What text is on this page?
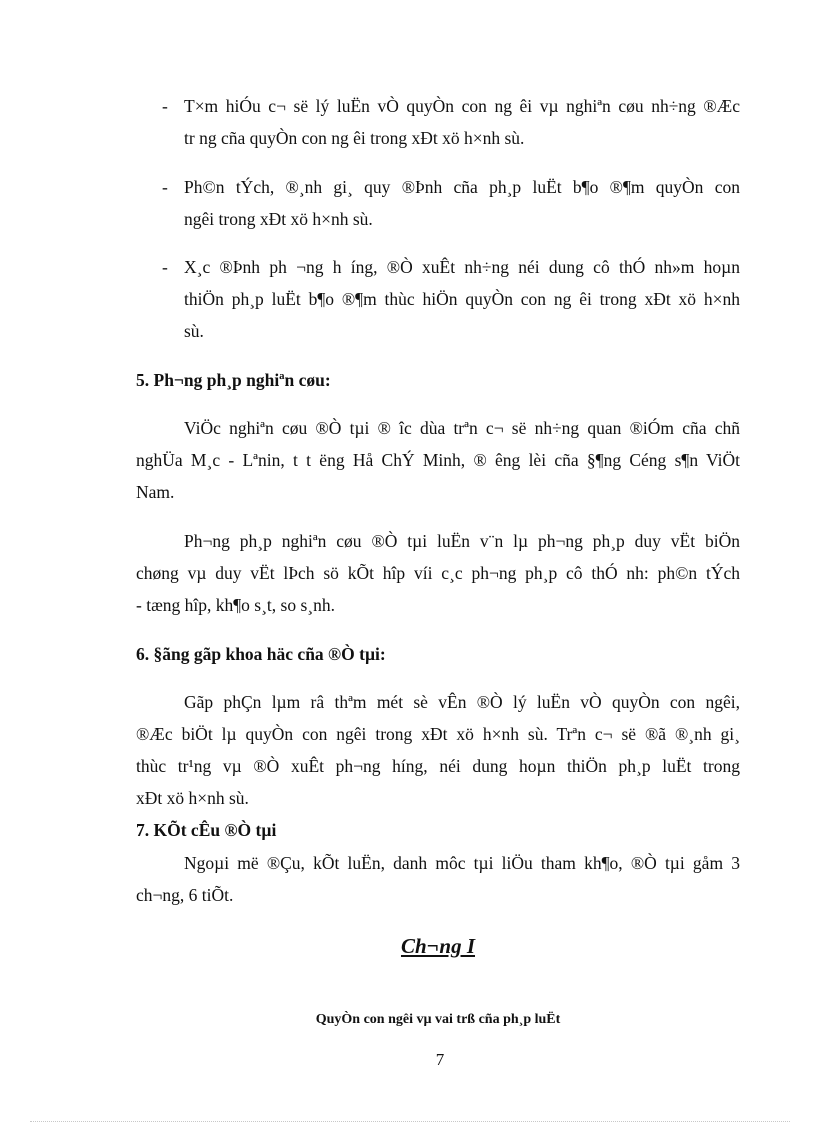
- T×m hiÓu c¬ së lý luËn vÒ quyÒn con ng êi vµ nghiªn cøu nh÷ng ®Æc
tr ng cña quyÒn con ng êi trong xÐt xö h×nh sù.
- Ph©n tÝch, ®¸nh gi¸ quy ®Þnh cña ph¸p luËt b¶o ®¶m quyÒn con
ngêi trong xÐt xö h×nh sù.
- X¸c ®Þnh ph ¬ng h íng, ®Ò xuÊt nh÷ng néi dung cô thÓ nh»m hoµn
thiÖn ph¸p luËt b¶o ®¶m thùc hiÖn quyÒn con ng êi trong xÐt xö h×nh
sù.
5. Ph¬ng ph¸p nghiªn cøu:
ViÖc nghiªn cøu ®Ò tµi ® îc dùa trªn c¬ së nh÷ng quan ®iÓm cña chñ
nghÜa M¸c - Lªnin, t t ëng Hå ChÝ Minh, ® êng lèi cña §¶ng Céng s¶n ViÖt
Nam.
Ph¬ng ph¸p nghiªn cøu ®Ò tµi luËn v¨n lµ ph¬ng ph¸p duy vËt biÖn
chøng vµ duy vËt lÞch sö kÕt hîp víi c¸c ph¬ng ph¸p cô thÓ nh: ph©n tÝch
- tæng hîp, kh¶o s¸t, so s¸nh.
6. §ãng gãp khoa häc cña ®Ò tµi:
Gãp phÇn lµm râ thªm mét sè vÊn ®Ò lý luËn vÒ quyÒn con ngêi,
®Æc biÖt lµ quyÒn con ngêi trong xÐt xö h×nh sù. Trªn c¬ së ®ã ®¸nh gi¸
thùc tr¹ng vµ ®Ò xuÊt ph¬ng híng, néi dung hoµn thiÖn ph¸p luËt trong
xÐt xö h×nh sù.
7. KÕt cÊu ®Ò tµi
Ngoµi më ®Çu, kÕt luËn, danh môc tµi liÖu tham kh¶o, ®Ò tµi gåm 3
ch¬ng, 6 tiÕt.
Ch¬ng I
QuyÒn con ngêi vµ vai trß cña ph¸p luËt
7
